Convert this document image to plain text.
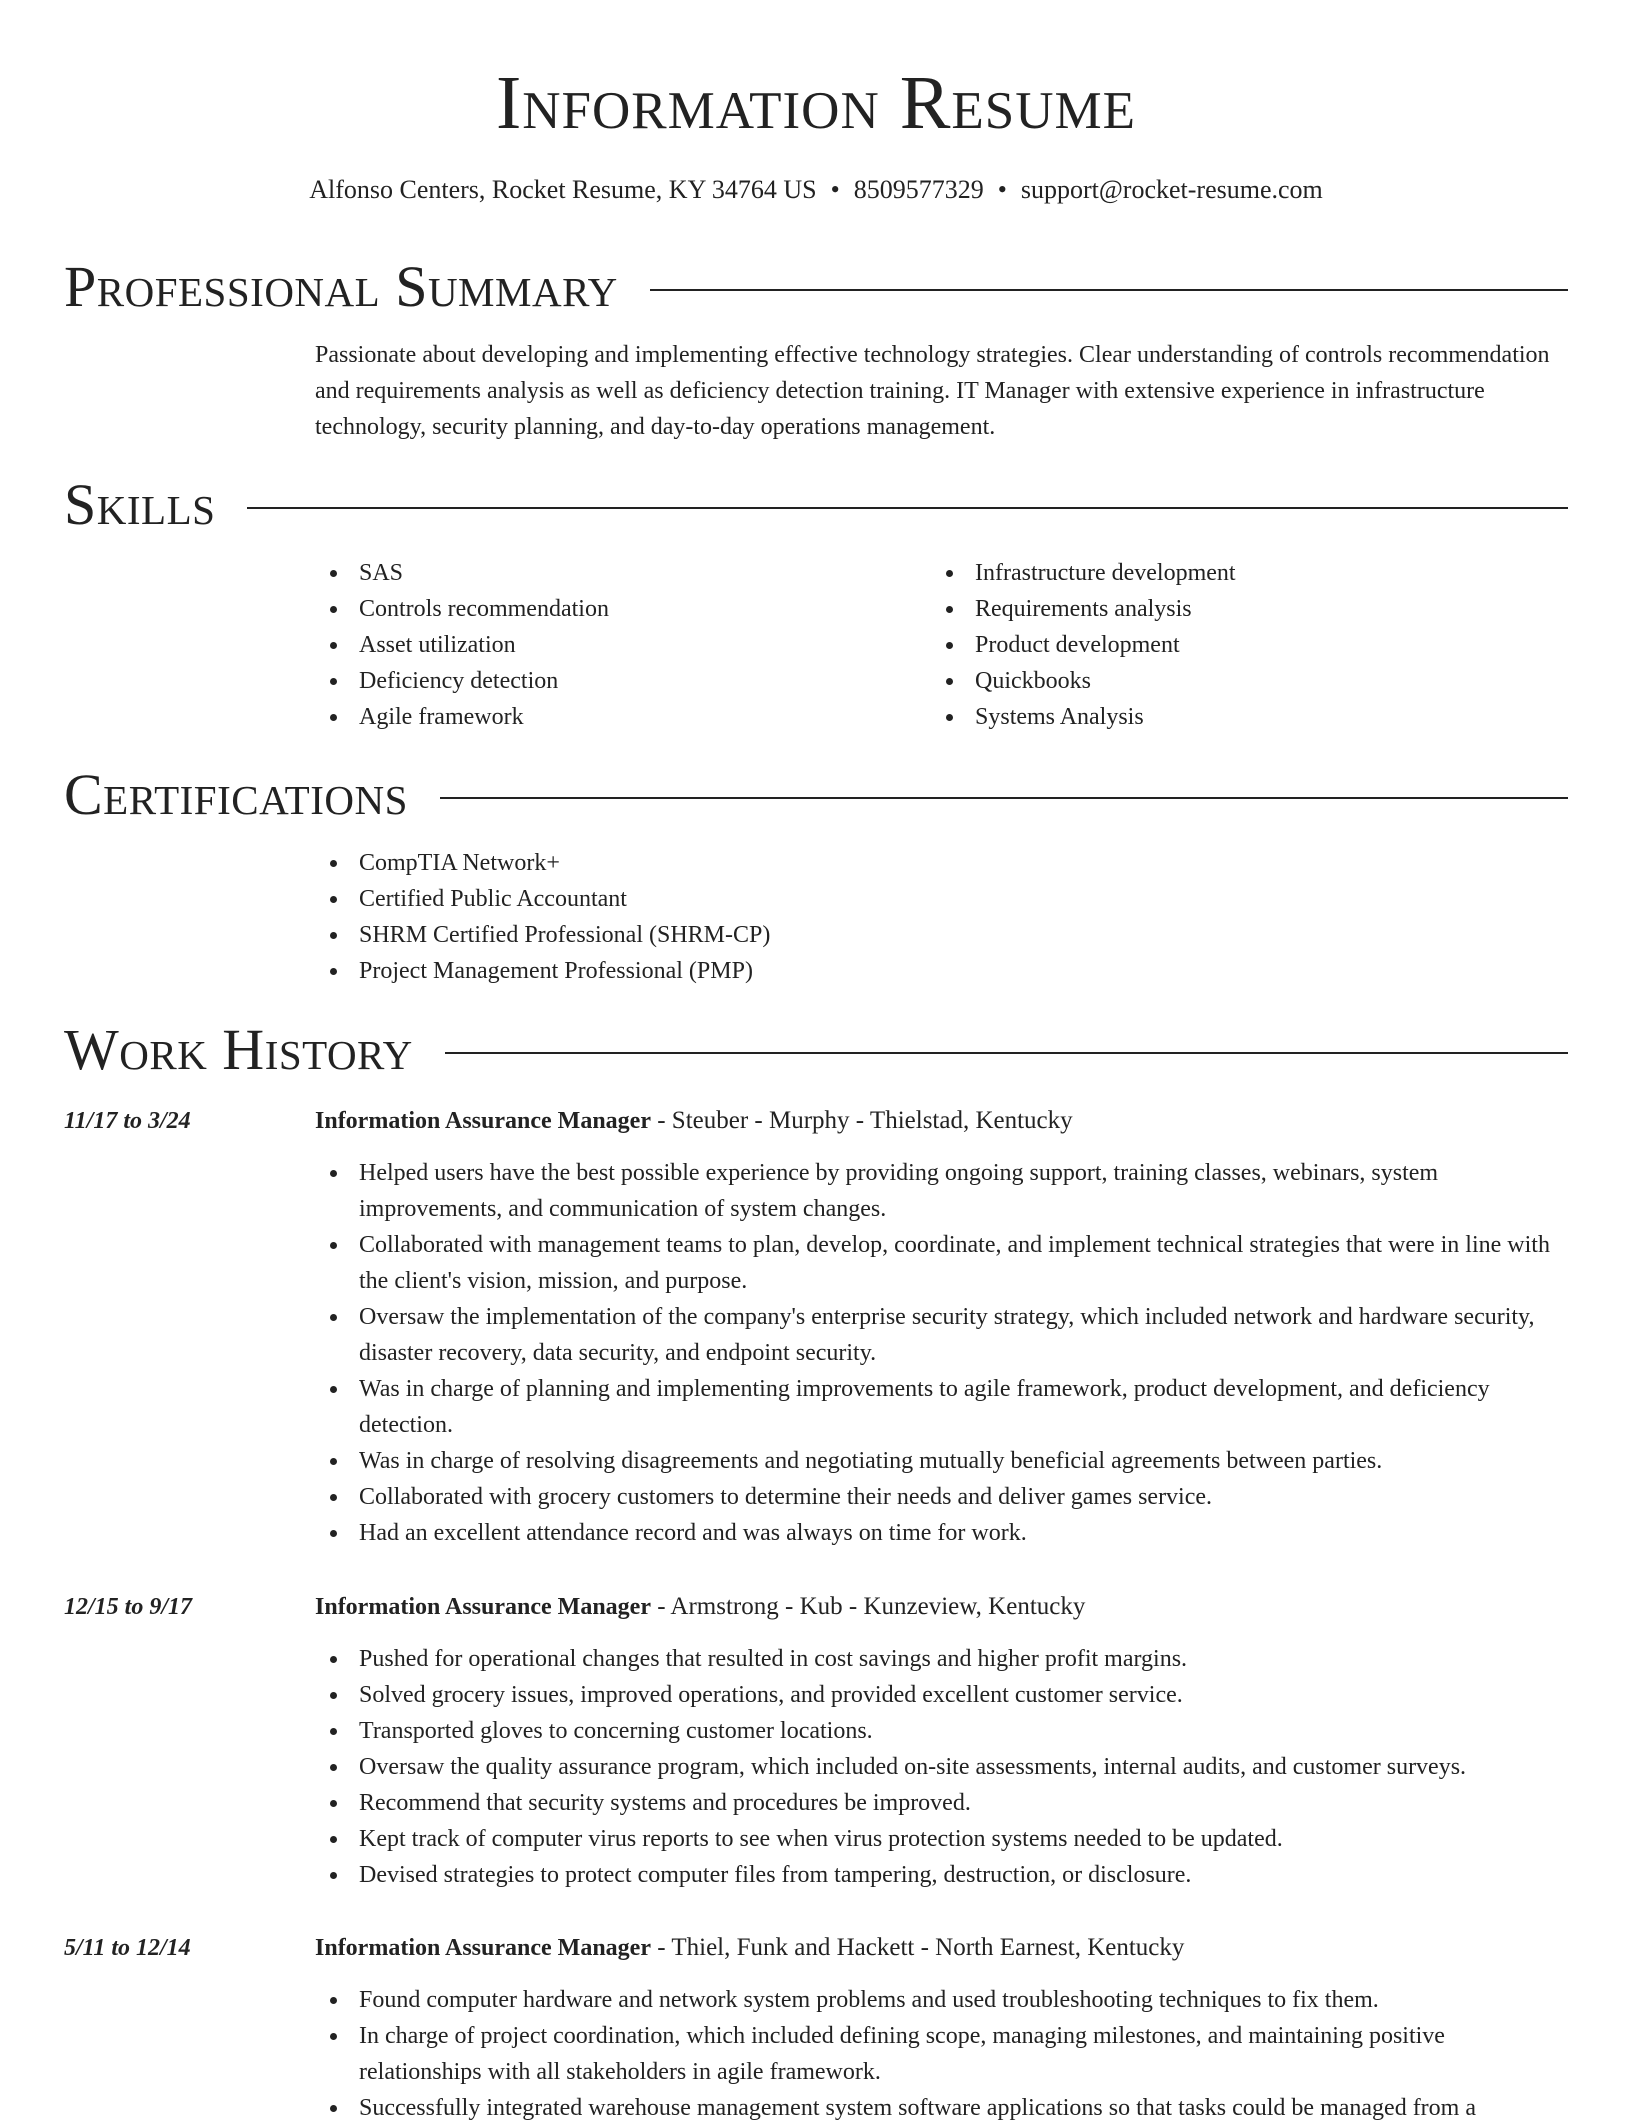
Information Resume
Alfonso Centers, Rocket Resume, KY 34764 US • 8509577329 • support@rocket-resume.com
Professional Summary

Passionate about developing and implementing effective technology strategies. Clear understanding of controls recommendation and requirements analysis as well as deficiency detection training. IT Manager with extensive experience in infrastructure technology, security planning, and day-to-day operations management.

Skills
SAS
Controls recommendation
Asset utilization
Deficiency detection
Agile framework
Infrastructure development
Requirements analysis
Product development
Quickbooks
Systems Analysis
Certifications
CompTIA Network+
Certified Public Accountant
SHRM Certified Professional (SHRM-CP)
Project Management Professional (PMP)
Work History
11/17 to 3/24	Information Assurance Manager - Steuber - Murphy - Thielstad, Kentucky
Helped users have the best possible experience by providing ongoing support, training classes, webinars, system improvements, and communication of system changes.
Collaborated with management teams to plan, develop, coordinate, and implement technical strategies that were in line with the client's vision, mission, and purpose.
Oversaw the implementation of the company's enterprise security strategy, which included network and hardware security, disaster recovery, data security, and endpoint security.
Was in charge of planning and implementing improvements to agile framework, product development, and deficiency detection.
Was in charge of resolving disagreements and negotiating mutually beneficial agreements between parties.
Collaborated with grocery customers to determine their needs and deliver games service.
Had an excellent attendance record and was always on time for work.
12/15 to 9/17	Information Assurance Manager - Armstrong - Kub - Kunzeview, Kentucky
Pushed for operational changes that resulted in cost savings and higher profit margins.
Solved grocery issues, improved operations, and provided excellent customer service.
Transported gloves to concerning customer locations.
Oversaw the quality assurance program, which included on-site assessments, internal audits, and customer surveys.
Recommend that security systems and procedures be improved.
Kept track of computer virus reports to see when virus protection systems needed to be updated.
Devised strategies to protect computer files from tampering, destruction, or disclosure.
5/11 to 12/14	Information Assurance Manager - Thiel, Funk and Hackett - North Earnest, Kentucky
Found computer hardware and network system problems and used troubleshooting techniques to fix them.
In charge of project coordination, which included defining scope, managing milestones, and maintaining positive relationships with all stakeholders in agile framework.
Successfully integrated warehouse management system software applications so that tasks could be managed from a
